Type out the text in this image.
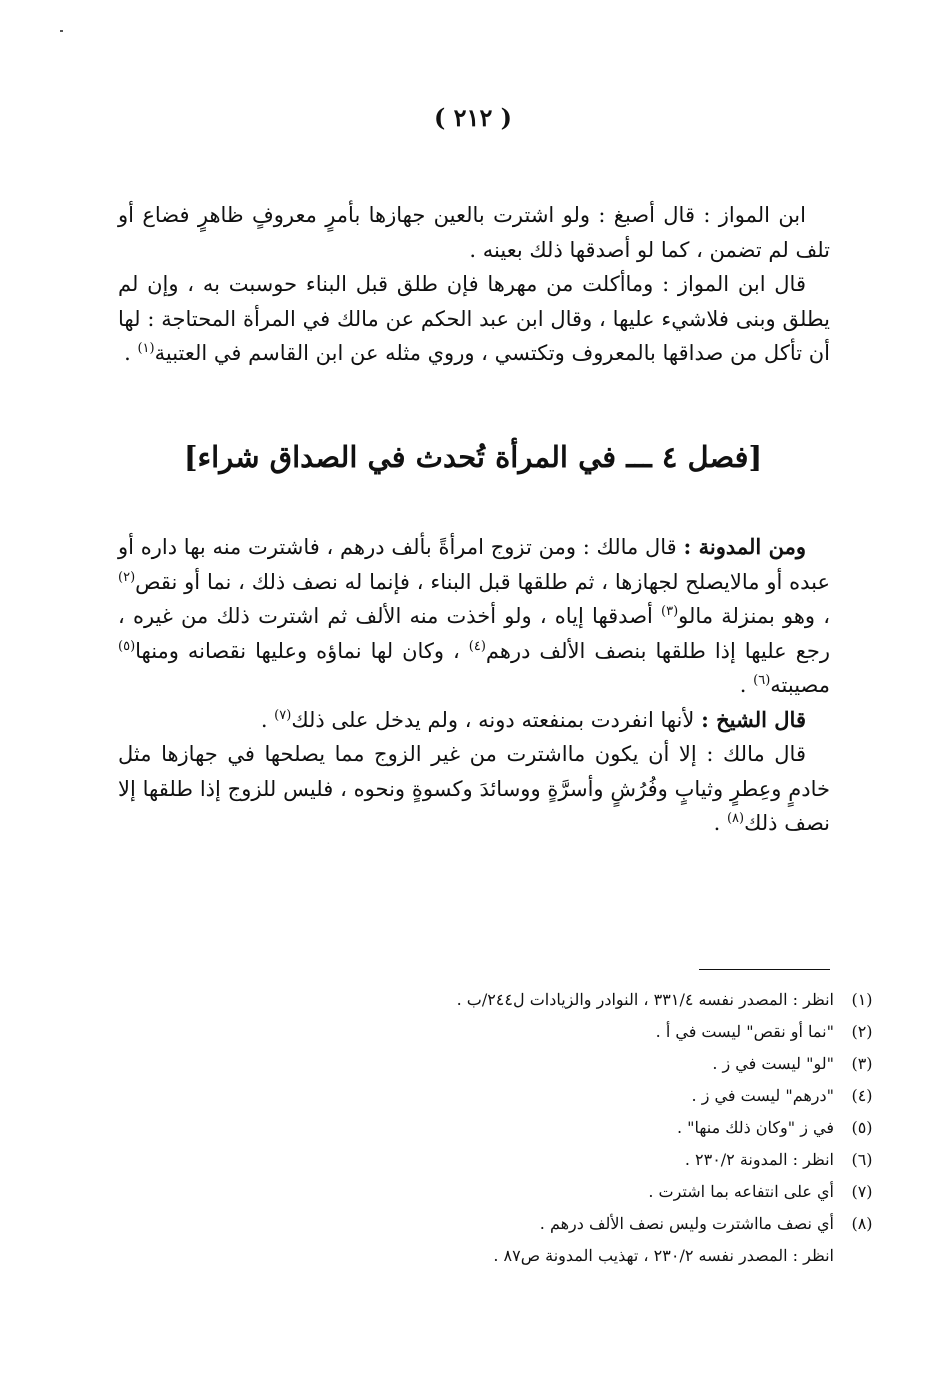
( ٢١٢ )

ابن المواز : قال أصبغ : ولو اشترت بالعين جهازها بأمرٍ معروفٍ ظاهرٍ فضاع أو تلف لم تضمن ، كما لو أصدقها ذلك بعينه .

قال ابن المواز : وماأكلت من مهرها فإن طلق قبل البناء حوسبت به ، وإن لم يطلق وبنى فلاشيء عليها ، وقال ابن عبد الحكم عن مالك في المرأة المحتاجة : لها أن تأكل من صداقها بالمعروف وتكتسي ، وروي مثله عن ابن القاسم في العتبية$^{(١)}$ .

[فصل ٤ ـــ في المرأة تُحدث في الصداق شراء]

ومن المدونة : قال مالك : ومن تزوج امرأةً بألف درهم ، فاشترت منه بها داره أو عبده أو مالايصلح لجهازها ، ثم طلقها قبل البناء ، فإنما له نصف ذلك ، نما أو نقص$^{(٢)}$ ، وهو بمنزلة مالو$^{(٣)}$ أصدقها إياه ، ولو أخذت منه الألف ثم اشترت ذلك من غيره ، رجع عليها إذا طلقها بنصف الألف درهم$^{(٤)}$ ، وكان لها نماؤه وعليها نقصانه ومنها$^{(٥)}$ مصيبته$^{(٦)}$ .

قال الشيخ : لأنها انفردت بمنفعته دونه ، ولم يدخل على ذلك$^{(٧)}$ .

قال مالك : إلا أن يكون مااشترت من غير الزوج مما يصلحها في جهازها مثل خادمٍ وعِطرٍ وثيابٍ وفُرُشٍ وأسرَّةٍ ووسائدَ وكسوةٍ ونحوه ، فليس للزوج إذا طلقها إلا نصف ذلك$^{(٨)}$ .

(١)
انظر : المصدر نفسه ٣٣١/٤ ، النوادر والزيادات ل٢٤٤/ب .
(٢)
"نما أو نقص" ليست في أ .
(٣)
"لو" ليست في ز .
(٤)
"درهم" ليست في ز .
(٥)
في ز "وكان ذلك منها" .
(٦)
انظر : المدونة ٢٣٠/٢ .
(٧)
أي على انتفاعه بما اشترت .
(٨)
أي نصف مااشترت وليس نصف الألف درهم .
انظر : المصدر نفسه ٢٣٠/٢ ، تهذيب المدونة ص٨٧ .
